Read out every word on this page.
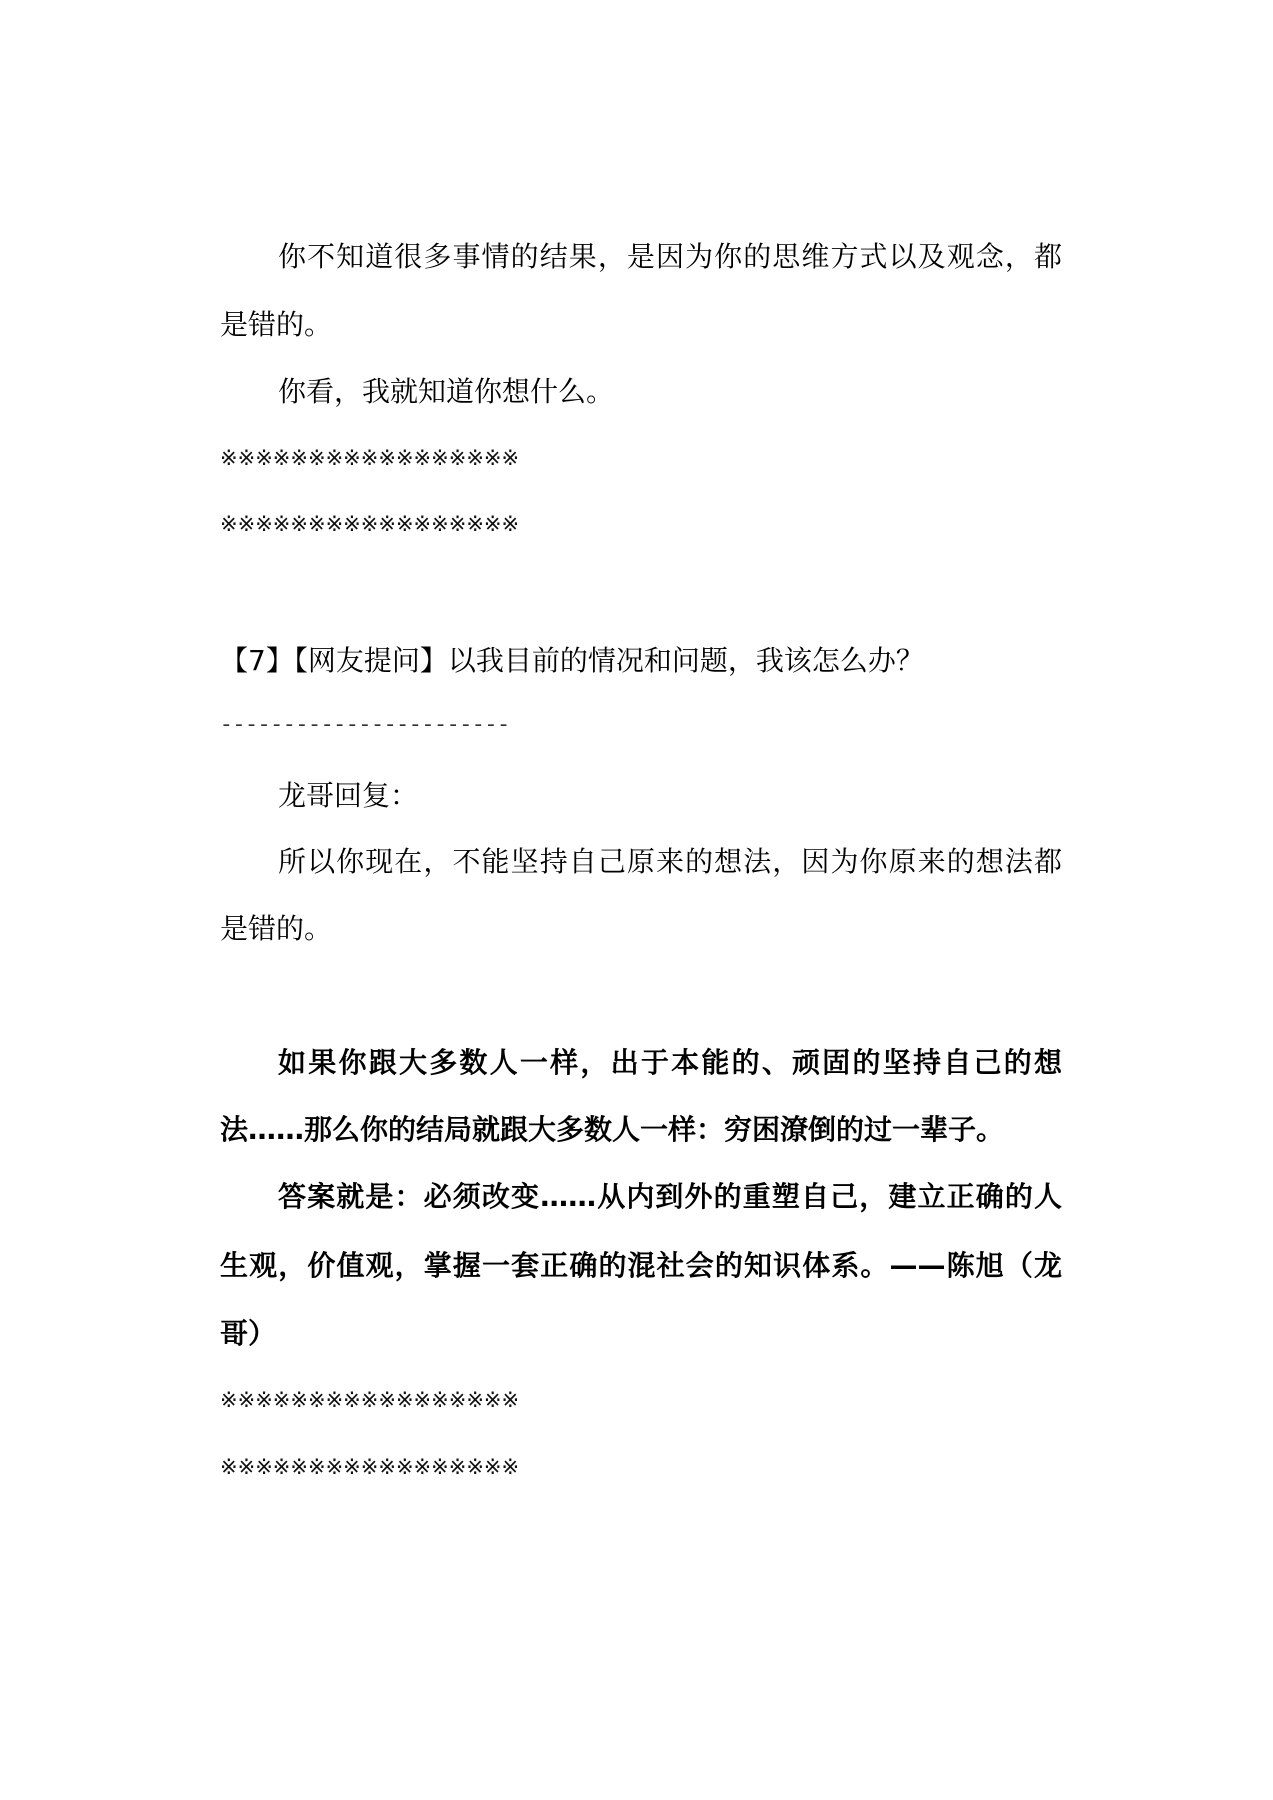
你不知道很多事情的结果，是因为你的思维方式以及观念，都
是错的。
你看，我就知道你想什么。
※※※※※※※※※※※※※※※※※
※※※※※※※※※※※※※※※※※
【7】【网友提问】以我目前的情况和问题，我该怎么办？
-----------------------
龙哥回复：
所以你现在，不能坚持自己原来的想法，因为你原来的想法都
是错的。
如果你跟大多数人一样，出于本能的、顽固的坚持自己的想
法……那么你的结局就跟大多数人一样：穷困潦倒的过一辈子。
答案就是：必须改变……从内到外的重塑自己，建立正确的人
生观，价值观，掌握一套正确的混社会的知识体系。——陈旭（龙
哥）
※※※※※※※※※※※※※※※※※
※※※※※※※※※※※※※※※※※
